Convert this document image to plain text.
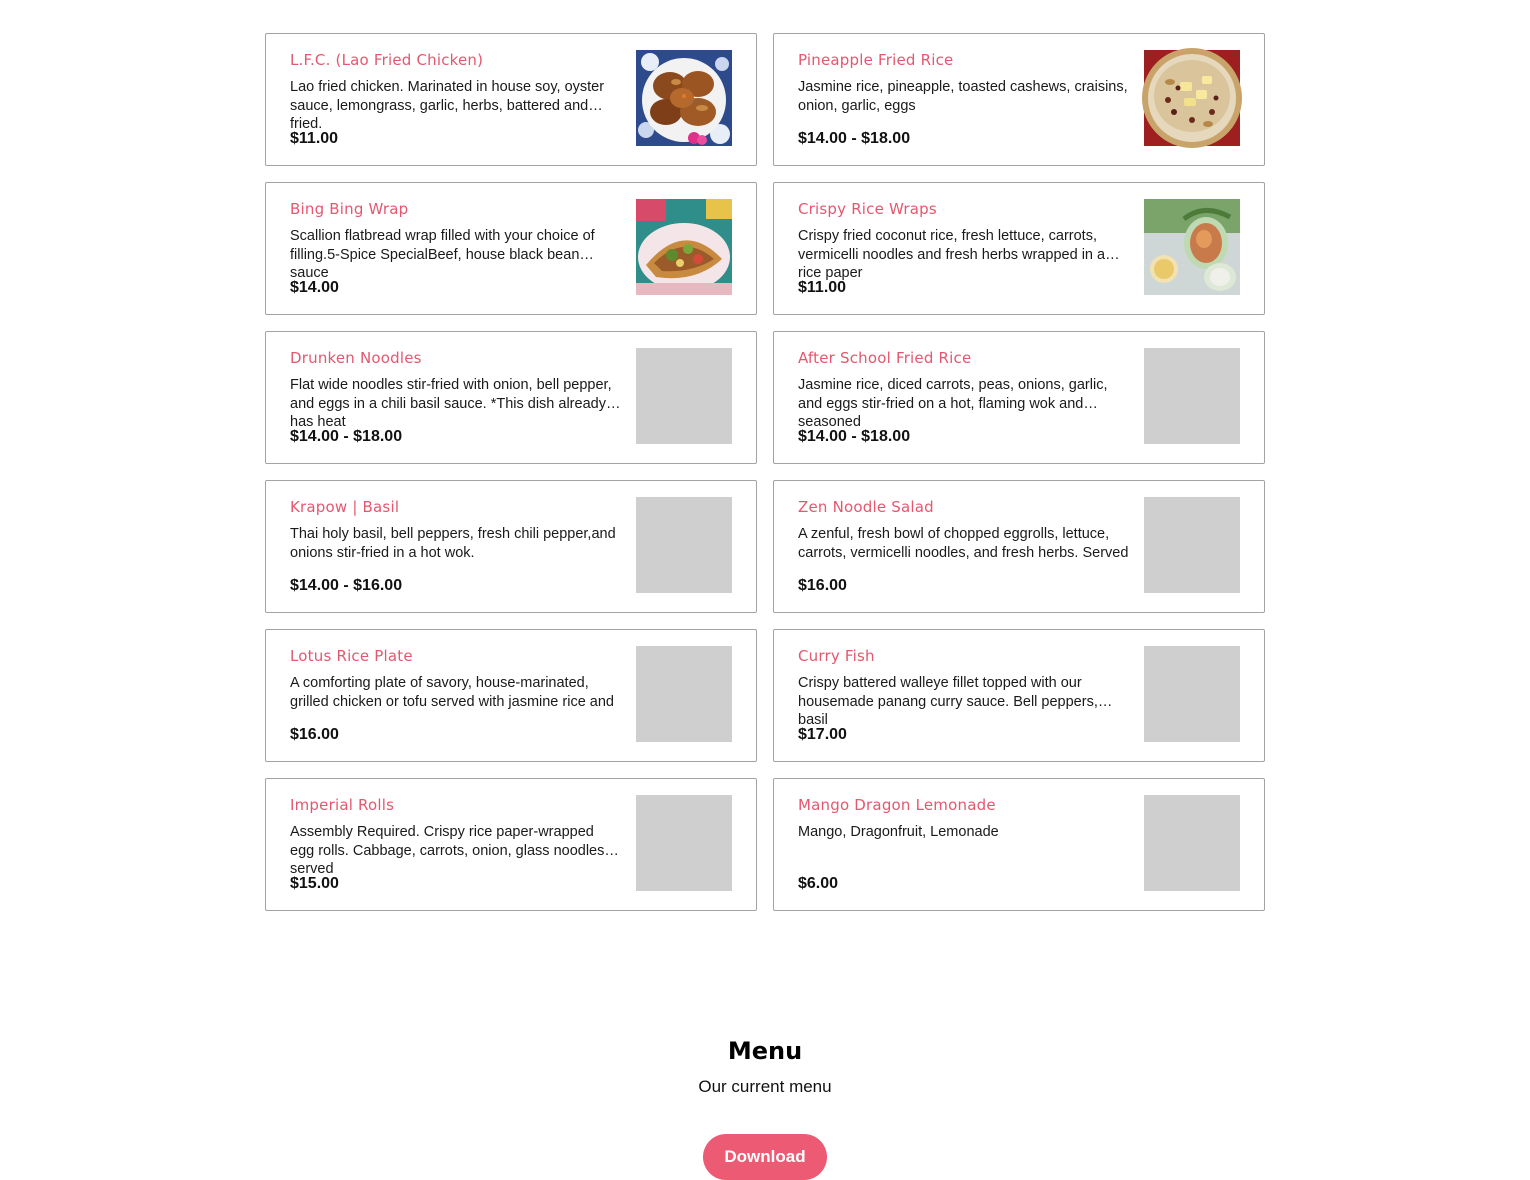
L.F.C. (Lao Fried Chicken)
Lao fried chicken. Marinated in house soy, oyster sauce, lemongrass, garlic, herbs, battered and fried.
$11.00
Pineapple Fried Rice
Jasmine rice, pineapple, toasted cashews, craisins, onion, garlic, eggs
$14.00 - $18.00
Bing Bing Wrap
Scallion flatbread wrap filled with your choice of filling.5-Spice SpecialBeef, house black bean sauce
$14.00
Crispy Rice Wraps
Crispy fried coconut rice, fresh lettuce, carrots, vermicelli noodles and fresh herbs wrapped in a rice paper
$11.00
Drunken Noodles
Flat wide noodles stir-fried with onion, bell pepper, and eggs in a chili basil sauce. *This dish already has heat
$14.00 - $18.00
After School Fried Rice
Jasmine rice, diced carrots, peas, onions, garlic, and eggs stir-fried on a hot, flaming wok and seasoned
$14.00 - $18.00
Krapow | Basil
Thai holy basil, bell peppers, fresh chili pepper,and onions stir-fried in a hot wok.
$14.00 - $16.00
Zen Noodle Salad
A zenful, fresh bowl of chopped eggrolls, lettuce, carrots, vermicelli noodles, and fresh herbs. Served
$16.00
Lotus Rice Plate
A comforting plate of savory, house-marinated, grilled chicken or tofu served with jasmine rice and
$16.00
Curry Fish
Crispy battered walleye fillet topped with our housemade panang curry sauce. Bell peppers, basil
$17.00
Imperial Rolls
Assembly Required. Crispy rice paper-wrapped egg rolls. Cabbage, carrots, onion, glass noodles, served
$15.00
Mango Dragon Lemonade
Mango, Dragonfruit, Lemonade
$6.00
Menu
Our current menu
Download
